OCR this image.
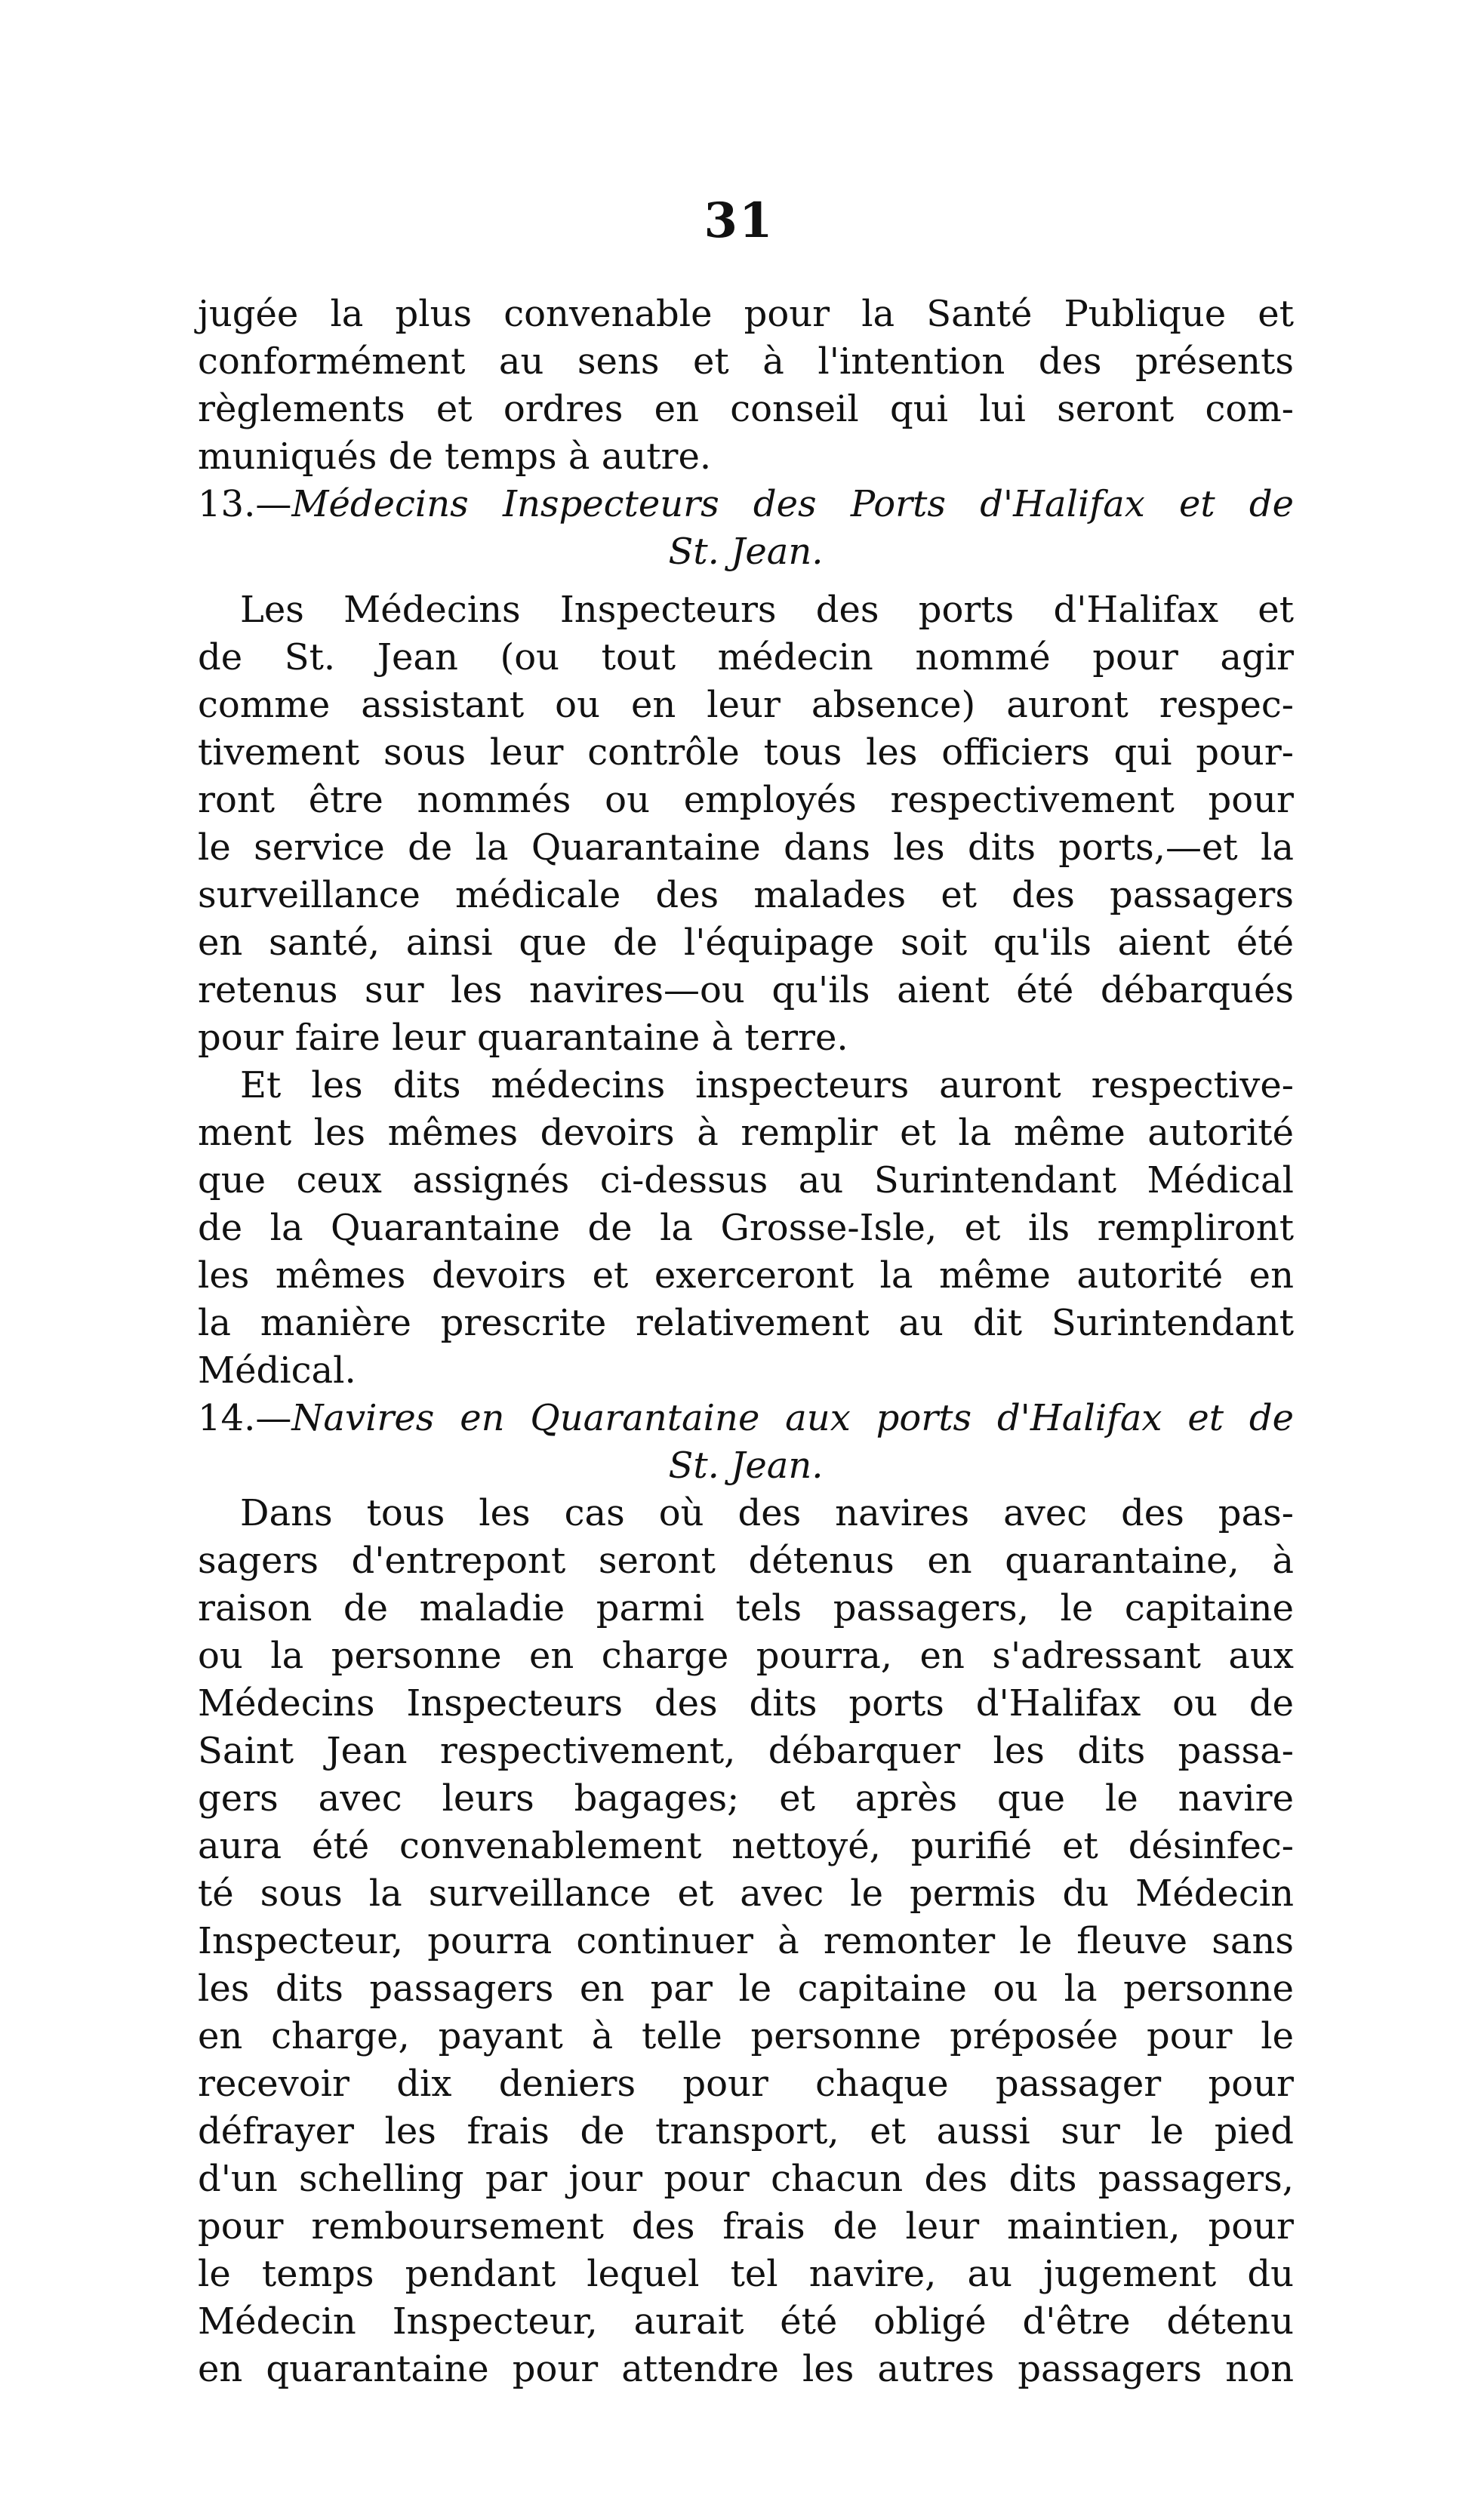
31
jugée la plus convenable pour la Santé Publique et
conformément au sens et à l'intention des présents
règlements et ordres en conseil qui lui seront com-
muniqués de temps à autre.
13.—Médecins Inspecteurs des Ports d'Halifax et de
St. Jean.
Les Médecins Inspecteurs des ports d'Halifax et
de St. Jean (ou tout médecin nommé pour agir
comme assistant ou en leur absence) auront respec-
tivement sous leur contrôle tous les officiers qui pour-
ront être nommés ou employés respectivement pour
le service de la Quarantaine dans les dits ports,—et la
surveillance médicale des malades et des passagers
en santé, ainsi que de l'équipage soit qu'ils aient été
retenus sur les navires—ou qu'ils aient été débarqués
pour faire leur quarantaine à terre.
Et les dits médecins inspecteurs auront respective-
ment les mêmes devoirs à remplir et la même autorité
que ceux assignés ci-dessus au Surintendant Médical
de la Quarantaine de la Grosse-Isle, et ils rempliront
les mêmes devoirs et exerceront la même autorité en
la manière prescrite relativement au dit Surintendant
Médical.
14.—Navires en Quarantaine aux ports d'Halifax et de
St. Jean.
Dans tous les cas où des navires avec des pas-
sagers d'entrepont seront détenus en quarantaine, à
raison de maladie parmi tels passagers, le capitaine
ou la personne en charge pourra, en s'adressant aux
Médecins Inspecteurs des dits ports d'Halifax ou de
Saint Jean respectivement, débarquer les dits passa-
gers avec leurs bagages; et après que le navire
aura été convenablement nettoyé, purifié et désinfec-
té sous la surveillance et avec le permis du Médecin
Inspecteur, pourra continuer à remonter le fleuve sans
les dits passagers en par le capitaine ou la personne
en charge, payant à telle personne préposée pour le
recevoir dix deniers pour chaque passager pour
défrayer les frais de transport, et aussi sur le pied
d'un schelling par jour pour chacun des dits passagers,
pour remboursement des frais de leur maintien, pour
le temps pendant lequel tel navire, au jugement du
Médecin Inspecteur, aurait été obligé d'être détenu
en quarantaine pour attendre les autres passagers non
